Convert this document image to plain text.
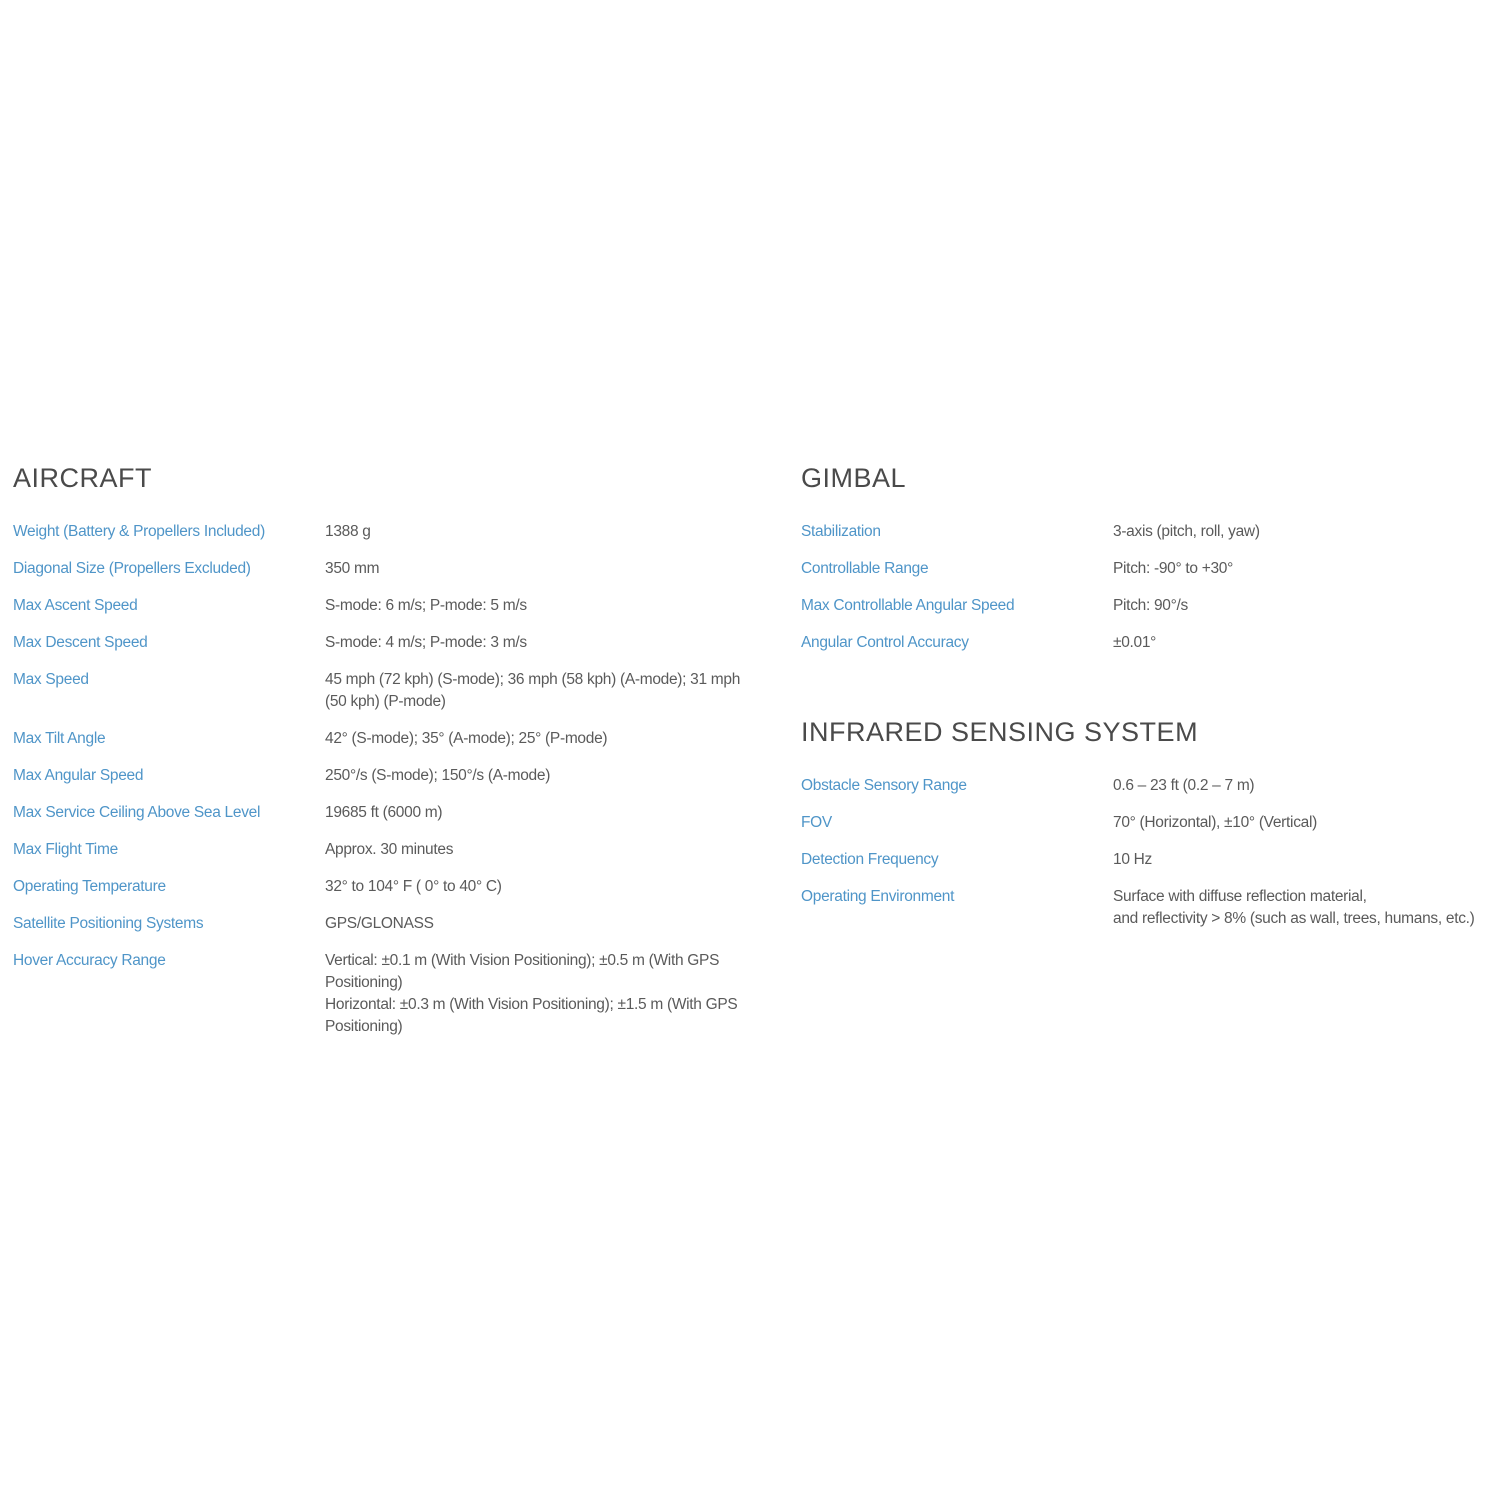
AIRCRAFT
Weight (Battery & Propellers Included)	1388 g
Diagonal Size (Propellers Excluded)	350 mm
Max Ascent Speed	S-mode: 6 m/s; P-mode: 5 m/s
Max Descent Speed	S-mode: 4 m/s; P-mode: 3 m/s
Max Speed	45 mph (72 kph) (S-mode); 36 mph (58 kph) (A-mode); 31 mph (50 kph) (P-mode)
Max Tilt Angle	42° (S-mode); 35° (A-mode); 25° (P-mode)
Max Angular Speed	250°/s (S-mode); 150°/s (A-mode)
Max Service Ceiling Above Sea Level	19685 ft (6000 m)
Max Flight Time	Approx. 30 minutes
Operating Temperature	32° to 104° F ( 0° to 40° C)
Satellite Positioning Systems	GPS/GLONASS
Hover Accuracy Range	Vertical: ±0.1 m (With Vision Positioning); ±0.5 m (With GPS Positioning)
Horizontal: ±0.3 m (With Vision Positioning); ±1.5 m (With GPS Positioning)
GIMBAL
Stabilization	3-axis (pitch, roll, yaw)
Controllable Range	Pitch: -90° to +30°
Max Controllable Angular Speed	Pitch: 90°/s
Angular Control Accuracy	±0.01°
INFRARED SENSING SYSTEM
Obstacle Sensory Range	0.6 – 23 ft (0.2 – 7 m)
FOV	70° (Horizontal), ±10° (Vertical)
Detection Frequency	10 Hz
Operating Environment	Surface with diffuse reflection material,
and reflectivity > 8% (such as wall, trees, humans, etc.)
